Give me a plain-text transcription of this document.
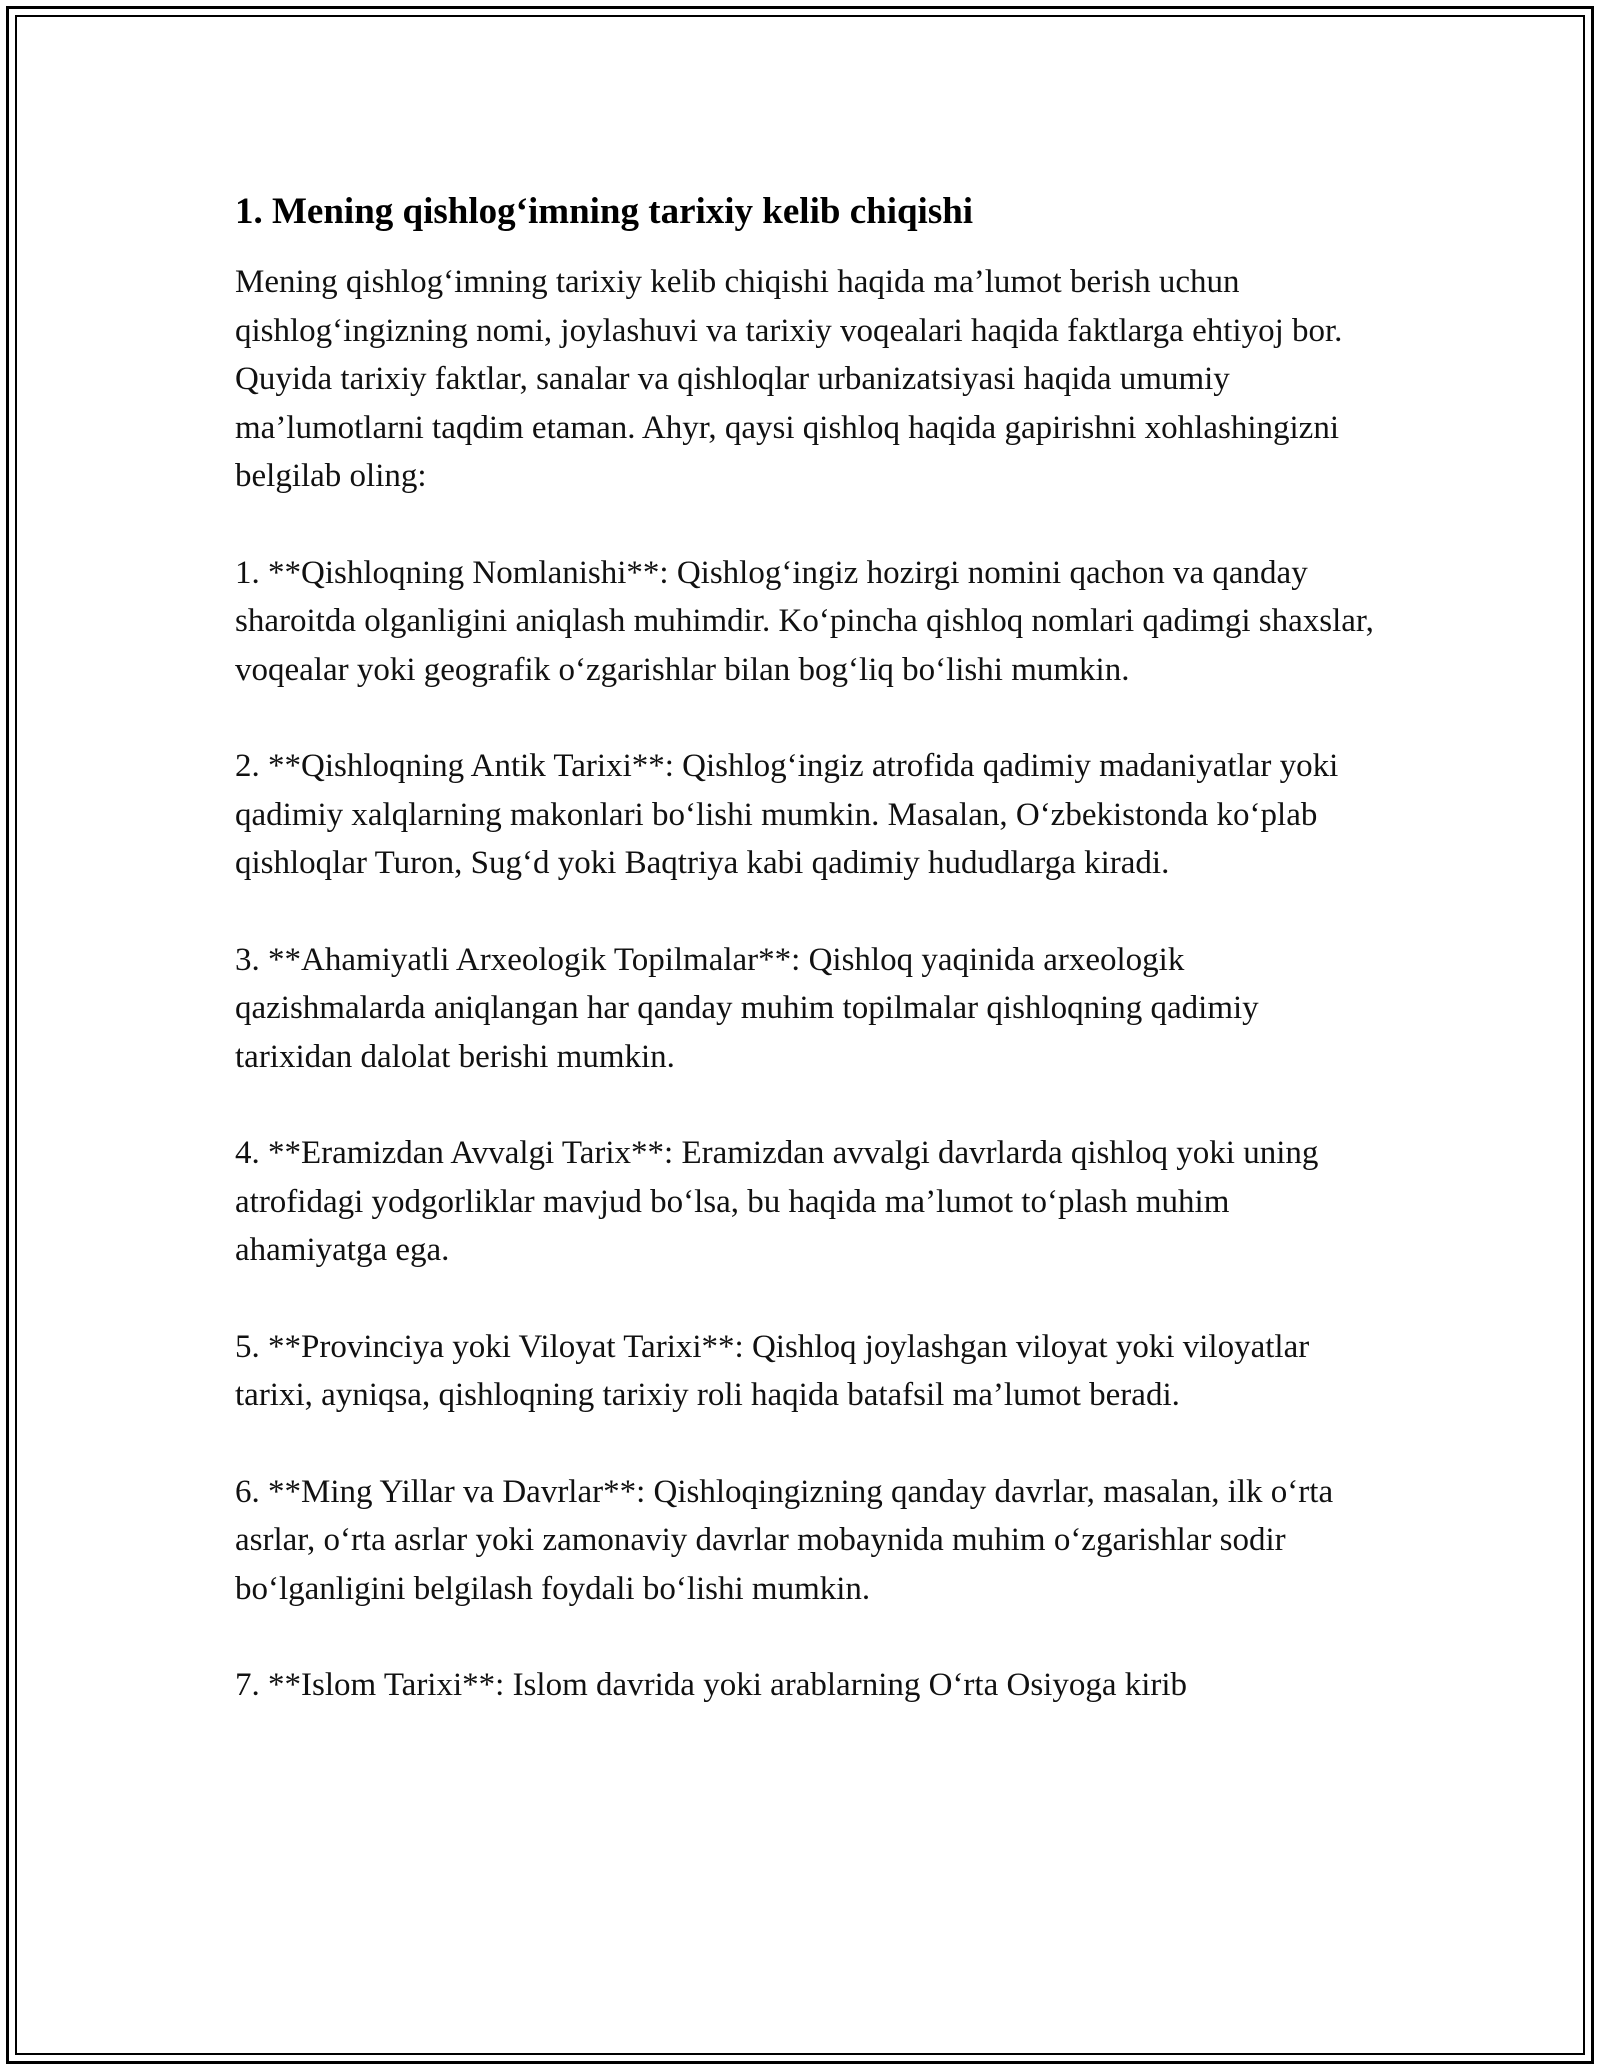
1. Mening qishlog‘imning tarixiy kelib chiqishi

Mening qishlog‘imning tarixiy kelib chiqishi haqida ma’lumot berish uchun qishlog‘ingizning nomi, joylashuvi va tarixiy voqealari haqida faktlarga ehtiyoj bor. Quyida tarixiy faktlar, sanalar va qishloqlar urbanizatsiyasi haqida umumiy ma’lumotlarni taqdim etaman. Ahyr, qaysi qishloq haqida gapirishni xohlashingizni belgilab oling:

1. **Qishloqning Nomlanishi**: Qishlog‘ingiz hozirgi nomini qachon va qanday sharoitda olganligini aniqlash muhimdir. Ko‘pincha qishloq nomlari qadimgi shaxslar, voqealar yoki geografik o‘zgarishlar bilan bog‘liq bo‘lishi mumkin.

2. **Qishloqning Antik Tarixi**: Qishlog‘ingiz atrofida qadimiy madaniyatlar yoki qadimiy xalqlarning makonlari bo‘lishi mumkin. Masalan, O‘zbekistonda ko‘plab qishloqlar Turon, Sug‘d yoki Baqtriya kabi qadimiy hududlarga kiradi.

3. **Ahamiyatli Arxeologik Topilmalar**: Qishloq yaqinida arxeologik qazishmalarda aniqlangan har qanday muhim topilmalar qishloqning qadimiy tarixidan dalolat berishi mumkin.

4. **Eramizdan Avvalgi Tarix**: Eramizdan avvalgi davrlarda qishloq yoki uning atrofidagi yodgorliklar mavjud bo‘lsa, bu haqida ma’lumot to‘plash muhim ahamiyatga ega.

5. **Provinciya yoki Viloyat Tarixi**: Qishloq joylashgan viloyat yoki viloyatlar tarixi, ayniqsa, qishloqning tarixiy roli haqida batafsil ma’lumot beradi.

6. **Ming Yillar va Davrlar**: Qishloqingizning qanday davrlar, masalan, ilk o‘rta asrlar, o‘rta asrlar yoki zamonaviy davrlar mobaynida muhim o‘zgarishlar sodir bo‘lganligini belgilash foydali bo‘lishi mumkin.

7. **Islom Tarixi**: Islom davrida yoki arablarning O‘rta Osiyoga kirib
